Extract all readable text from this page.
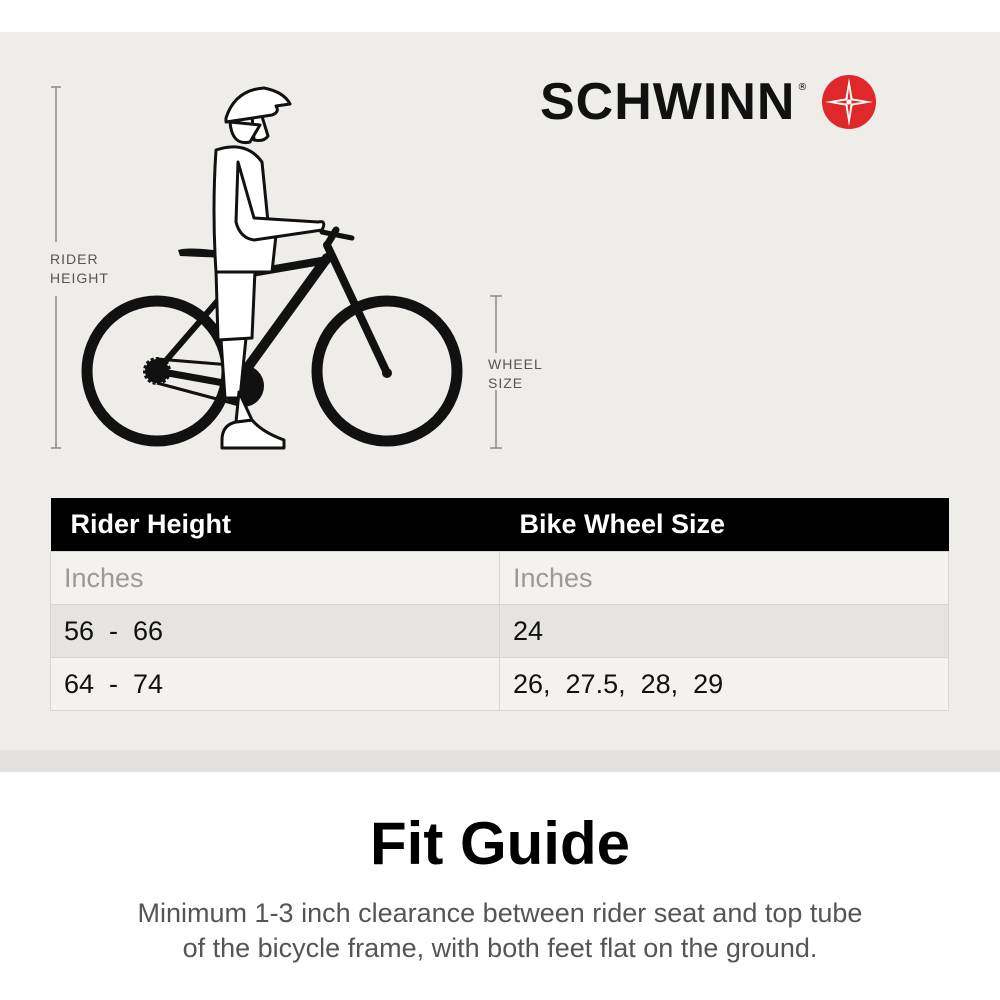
RIDER
HEIGHT
WHEEL
SIZE
SCHWINN ®
Rider Height	Bike Wheel Size
Inches	Inches
56  -  66	24
64  -  74	26,  27.5,  28,  29
Fit Guide
Minimum 1-3 inch clearance between rider seat and top tube
of the bicycle frame, with both feet flat on the ground.
